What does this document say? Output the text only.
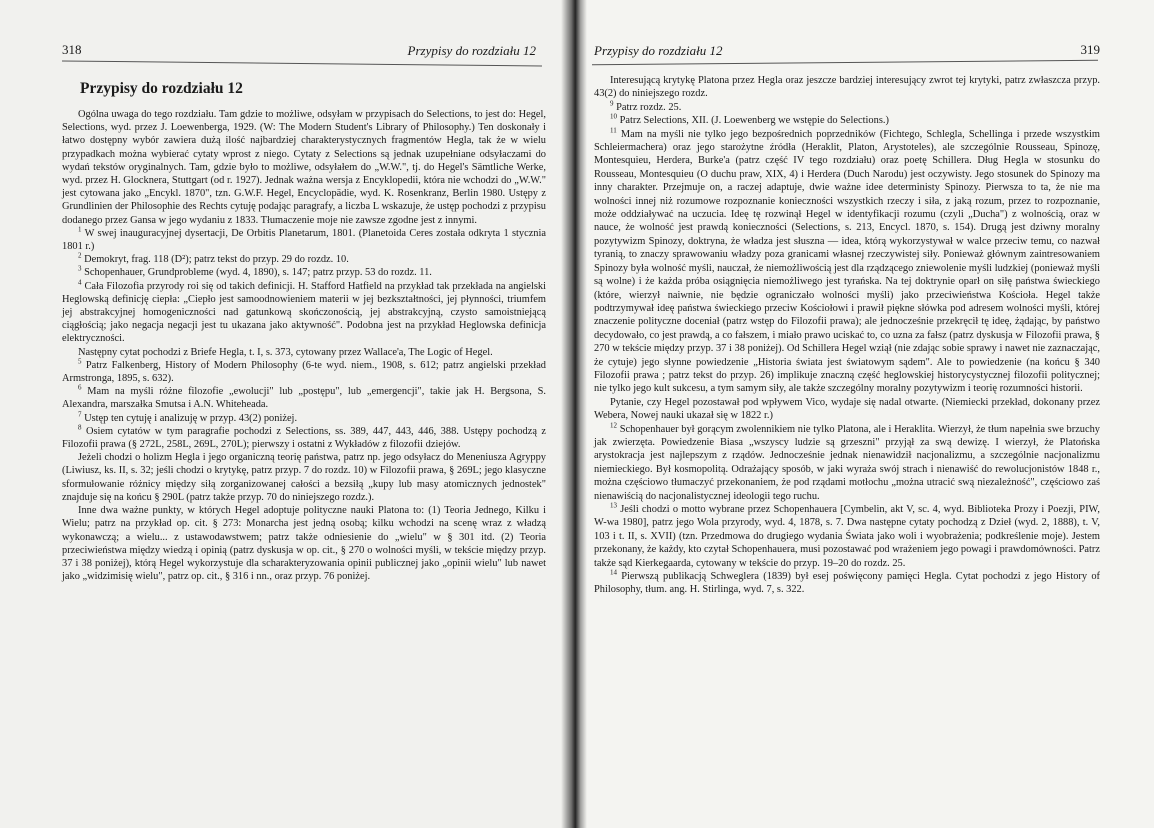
318	Przypisy do rozdziału 12
Przypisy do rozdziału 12

Ogólna uwaga do tego rozdziału. Tam gdzie to możliwe, odsyłam w przypisach do Selections, to jest do: Hegel, Selections, wyd. przez J. Loewenberga, 1929. (W: The Modern Student's Library of Philosophy.) Ten doskonały i łatwo dostępny wybór zawiera dużą ilość najbardziej charakterystycznych fragmentów Hegla, tak że w wielu przypadkach można wybierać cytaty wprost z niego. Cytaty z Selections są jednak uzupełniane odsyłaczami do wydań tekstów oryginalnych. Tam, gdzie było to możliwe, odsyłałem do „W.W.", tj. do Hegel's Sämtliche Werke, wyd. przez H. Glocknera, Stuttgart (od r. 1927). Jednak ważna wersja z Encyklopedii, która nie wchodzi do „W.W." jest cytowana jako „Encykl. 1870", tzn. G.W.F. Hegel, Encyclopädie, wyd. K. Rosenkranz, Berlin 1980. Ustępy z Grundlinien der Philosophie des Rechts cytuję podając paragrafy, a liczba L wskazuje, że ustęp pochodzi z przypisu dodanego przez Gansa w jego wydaniu z 1833. Tłumaczenie moje nie zawsze zgodne jest z innymi.

$^1$ W swej inauguracyjnej dysertacji, De Orbitis Planetarum, 1801. (Planetoida Ceres została odkryta 1 stycznia 1801 r.)

$^2$ Demokryt, frag. 118 (D²); patrz tekst do przyp. 29 do rozdz. 10.

$^3$ Schopenhauer, Grundprobleme (wyd. 4, 1890), s. 147; patrz przyp. 53 do rozdz. 11.

$^4$ Cała Filozofia przyrody roi się od takich definicji. H. Stafford Hatfield na przykład tak przekłada na angielski Heglowską definicję ciepła: „Ciepło jest samoodnowieniem materii w jej bezkształtności, jej płynności, triumfem jej abstrakcyjnej homogeniczności nad gatunkową skończonością, jej abstrakcyjną, czysto samoistniejącą ciągłością; jako negacja negacji jest tu ukazana jako aktywność". Podobna jest na przykład Heglowska definicja elektryczności.

Następny cytat pochodzi z Briefe Hegla, t. I, s. 373, cytowany przez Wallace'a, The Logic of Hegel.

$^5$ Patrz Falkenberg, History of Modern Philosophy (6-te wyd. niem., 1908, s. 612; patrz angielski przekład Armstronga, 1895, s. 632).

$^6$ Mam na myśli różne filozofie „ewolucji" lub „postępu", lub „emergencji", takie jak H. Bergsona, S. Alexandra, marszałka Smutsa i A.N. Whiteheada.

$^7$ Ustęp ten cytuję i analizuję w przyp. 43(2) poniżej.

$^8$ Osiem cytatów w tym paragrafie pochodzi z Selections, ss. 389, 447, 443, 446, 388. Ustępy pochodzą z Filozofii prawa (§ 272L, 258L, 269L, 270L); pierwszy i ostatni z Wykładów z filozofii dziejów.

Jeżeli chodzi o holizm Hegla i jego organiczną teorię państwa, patrz np. jego odsyłacz do Meneniusza Agryppy (Liwiusz, ks. II, s. 32; jeśli chodzi o krytykę, patrz przyp. 7 do rozdz. 10) w Filozofii prawa, § 269L; jego klasyczne sformułowanie różnicy między siłą zorganizowanej całości a bezsiłą „kupy lub masy atomicznych jednostek" znajduje się na końcu § 290L (patrz także przyp. 70 do niniejszego rozdz.).

Inne dwa ważne punkty, w których Hegel adoptuje polityczne nauki Platona to: (1) Teoria Jednego, Kilku i Wielu; patrz na przykład op. cit. § 273: Monarcha jest jedną osobą; kilku wchodzi na scenę wraz z władzą wykonawczą; a wielu... z ustawodawstwem; patrz także odniesienie do „wielu" w § 301 itd. (2) Teoria przeciwieństwa między wiedzą i opinią (patrz dyskusja w op. cit., § 270 o wolności myśli, w tekście między przyp. 37 i 38 poniżej), którą Hegel wykorzystuje dla scharakteryzowania opinii publicznej jako „opinii wielu" lub nawet jako „widzimisię wielu", patrz op. cit., § 316 i nn., oraz przyp. 76 poniżej.

Przypisy do rozdziału 12	319

Interesującą krytykę Platona przez Hegla oraz jeszcze bardziej interesujący zwrot tej krytyki, patrz zwłaszcza przyp. 43(2) do niniejszego rozdz.

$^9$ Patrz rozdz. 25.

$^{10}$ Patrz Selections, XII. (J. Loewenberg we wstępie do Selections.)

$^{11}$ Mam na myśli nie tylko jego bezpośrednich poprzedników (Fichtego, Schlegla, Schellinga i przede wszystkim Schleiermachera) oraz jego starożytne źródła (Heraklit, Platon, Arystoteles), ale szczególnie Rousseau, Spinozę, Montesquieu, Herdera, Burke'a (patrz część IV tego rozdziału) oraz poetę Schillera. Dług Hegla w stosunku do Rousseau, Montesquieu (O duchu praw, XIX, 4) i Herdera (Duch Narodu) jest oczywisty. Jego stosunek do Spinozy ma inny charakter. Przejmuje on, a raczej adaptuje, dwie ważne idee deterministy Spinozy. Pierwsza to ta, że nie ma wolności innej niż rozumowe rozpoznanie konieczności wszystkich rzeczy i siła, z jaką rozum, przez to rozpoznanie, może oddziaływać na uczucia. Ideę tę rozwinął Hegel w identyfikacji rozumu (czyli „Ducha") z wolnością, oraz w nauce, że wolność jest prawdą konieczności (Selections, s. 213, Encycl. 1870, s. 154). Drugą jest dziwny moralny pozytywizm Spinozy, doktryna, że władza jest słuszna — idea, którą wykorzystywał w walce przeciw temu, co nazwał tyranią, to znaczy sprawowaniu władzy poza granicami własnej rzeczywistej siły. Ponieważ głównym zaintresowaniem Spinozy była wolność myśli, nauczał, że niemożliwością jest dla rządzącego zniewolenie myśli ludzkiej (ponieważ myśli są wolne) i że każda próba osiągnięcia niemożliwego jest tyrańska. Na tej doktrynie oparł on siłę państwa świeckiego (które, wierzył naiwnie, nie będzie ograniczało wolności myśli) jako przeciwieństwa Kościoła. Hegel także podtrzymywał ideę państwa świeckiego przeciw Kościołowi i prawił piękne słówka pod adresem wolności myśli, której znaczenie polityczne doceniał (patrz wstęp do Filozofii prawa); ale jednocześnie przekręcił tę ideę, żądając, by państwo decydowało, co jest prawdą, a co fałszem, i miało prawo uciskać to, co uzna za fałsz (patrz dyskusja w Filozofii prawa, § 270 w tekście między przyp. 37 i 38 poniżej). Od Schillera Hegel wziął (nie zdając sobie sprawy i nawet nie zaznaczając, że cytuje) jego słynne powiedzenie „Historia świata jest światowym sądem". Ale to powiedzenie (na końcu § 340 Filozofii prawa ; patrz tekst do przyp. 26) implikuje znaczną część heglowskiej historycystycznej filozofii politycznej; nie tylko jego kult sukcesu, a tym samym siły, ale także szczególny moralny pozytywizm i teorię rozumności historii.

Pytanie, czy Hegel pozostawał pod wpływem Vico, wydaje się nadal otwarte. (Niemiecki przekład, dokonany przez Webera, Nowej nauki ukazał się w 1822 r.)

$^{12}$ Schopenhauer był gorącym zwolennikiem nie tylko Platona, ale i Heraklita. Wierzył, że tłum napełnia swe brzuchy jak zwierzęta. Powiedzenie Biasa „wszyscy ludzie są grzeszni" przyjął za swą dewizę. I wierzył, że Platońska arystokracja jest najlepszym z rządów. Jednocześnie jednak nienawidził nacjonalizmu, a szczególnie nacjonalizmu niemieckiego. Był kosmopolitą. Odrażający sposób, w jaki wyraża swój strach i nienawiść do rewolucjonistów 1848 r., można częściowo tłumaczyć przekonaniem, że pod rządami motłochu „można utracić swą niezależność", częściowo zaś nienawiścią do nacjonalistycznej ideologii tego ruchu.

$^{13}$ Jeśli chodzi o motto wybrane przez Schopenhauera [Cymbelin, akt V, sc. 4, wyd. Biblioteka Prozy i Poezji, PIW, W-wa 1980], patrz jego Wola przyrody, wyd. 4, 1878, s. 7. Dwa następne cytaty pochodzą z Dzieł (wyd. 2, 1888), t. V, 103 i t. II, s. XVII) (tzn. Przedmowa do drugiego wydania Świata jako woli i wyobrażenia; podkreślenie moje). Jestem przekonany, że każdy, kto czytał Schopenhauera, musi pozostawać pod wrażeniem jego powagi i prawdomówności. Patrz także sąd Kierkegaarda, cytowany w tekście do przyp. 19–20 do rozdz. 25.

$^{14}$ Pierwszą publikacją Schweglera (1839) był esej poświęcony pamięci Hegla. Cytat pochodzi z jego History of Philosophy, tłum. ang. H. Stirlinga, wyd. 7, s. 322.
